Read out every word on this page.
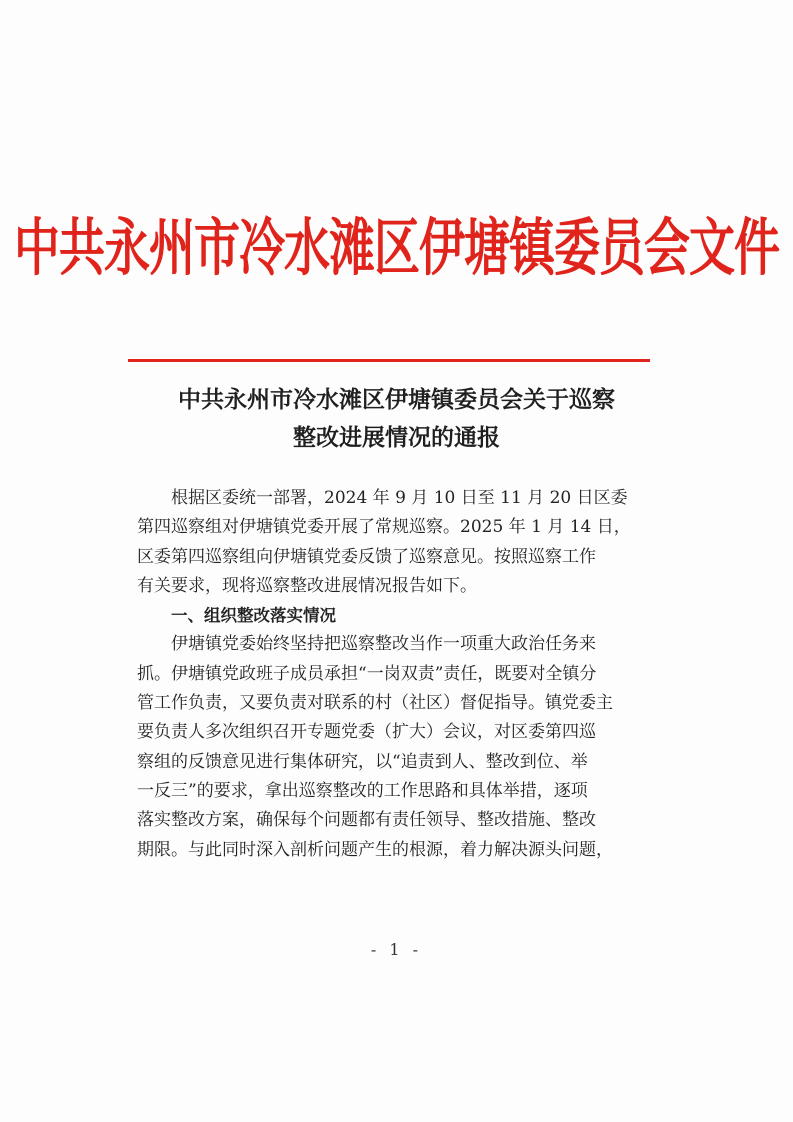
中共永州市冷水滩区伊塘镇委员会文件
中共永州市冷水滩区伊塘镇委员会关于巡察
整改进展情况的通报
根据区委统一部署，2024 年 9 月 10 日至 11 月 20 日区委
第四巡察组对伊塘镇党委开展了常规巡察。2025 年 1 月 14 日，
区委第四巡察组向伊塘镇党委反馈了巡察意见。按照巡察工作
有关要求，现将巡察整改进展情况报告如下。
一、组织整改落实情况
伊塘镇党委始终坚持把巡察整改当作一项重大政治任务来
抓。伊塘镇党政班子成员承担“一岗双责”责任，既要对全镇分
管工作负责，又要负责对联系的村（社区）督促指导。镇党委主
要负责人多次组织召开专题党委（扩大）会议，对区委第四巡
察组的反馈意见进行集体研究，以“追责到人、整改到位、举
一反三”的要求，拿出巡察整改的工作思路和具体举措，逐项
落实整改方案，确保每个问题都有责任领导、整改措施、整改
期限。与此同时深入剖析问题产生的根源，着力解决源头问题，
- 1 -
